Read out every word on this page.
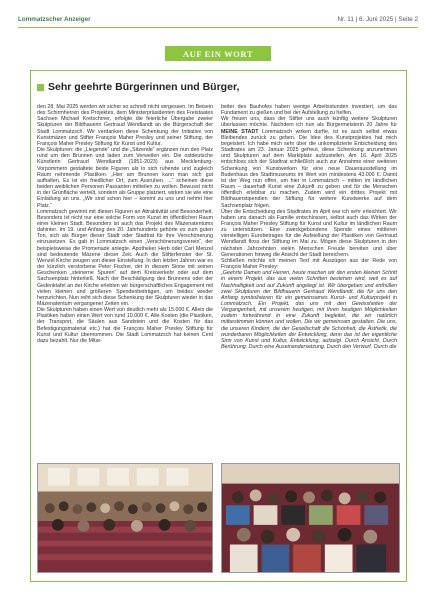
Lommatzscher Anzeiger	Nr. 11 | 6. Juni 2025 | Seite 2
AUF EIN WORT
Sehr geehrte Bürgerinnen und Bürger,

den 28. Mai 2025 werden wir sicher so schnell nicht vergessen. Im Beisein des Schirmherren des Projektes, dem Ministerpräsidenten des Freistaates Sachsen Michael Kretschmer, erfolgte die feierliche Übergabe zweier Skulpturen der Bildhauerin Gertraud Wendlandt an die Bürgerschaft der Stadt Lommatzsch. Wir verdanken diese Schenkung der Initiative von Kunstmäzen und Stifter François Maher Presley und seiner Stiftung, der François Maher Presley Stiftung für Kunst und Kultur.

Die Skulpturen: die „Liegende“ und die „Sitzende“ ergänzen nun den Platz rund um den Brunnen und laden zum Verweilen ein. Die ostdeutsche Künstlerin Gertraud Wendlandt (1951-2023) aus Mecklenburg-Vorpommern gestaltete beide Figuren als in sich ruhende und zugleich Raum nehmende Plastiken. „Hier am Brunnen kann man sich gut aufhalten. Es ist ein friedlicher Ort, zum Ausruhen. ...“ scheinen diese beiden weiblichen Personen Passanten mitteilen zu wollen. Bewusst nicht in der Grünfläche verteilt, sondern als Gruppe platziert, wirken sie wie eine Einladung an uns. „Wir sind schon hier – kommt zu uns und nehmt hier Platz.“

Lommatzsch gewinnt mit diesen Figuren an Attraktivität und Besonderheit. Besonders ist nicht nur eine solche Form von Kunst im öffentlichen Raum einer kleinen Stadt. Besonders ist auch das Projekt des Mäzenatentums dahinter. Im 19. und Anfang des 20. Jahrhunderts gehörte es zum guten Ton, sich als Bürger dieser Stadt oder Stadtrat für ihre Verschönerung einzusetzen. Es gab in Lommatzsch einen „Verschönerungsverein“, der beispielsweise die Promenade anlegte. Apotheker Herb oder Carl Menzel sind bedeutende Mäzene dieser Zeit. Auch die Stifterfenster der St. Wenzel Kirche zeugen von dieser Einstellung. In den letzten Jahren war es der kürzlich verstorbene Peter Fischer, der in diesem Sinne mit seinen Geschenken „steinerne Spuren“ auf dem Kreisverkehr oder auf dem Sachsenplatz hinterließ. Nach der Beschädigung des Brunnens oder der Gedenktafel an der Kirche erlebten wir bürgerschaftliches Engagement mit vielen kleinen und größeren Spendenbeiträgen, um beides wieder herzurichten. Nun reiht sich diese Schenkung der Skulpturen wieder in das Mäzenatentum vergangener Zeiten ein.

Die Skulpturen haben einen Wert von deutlich mehr als 15.000 €. Allein die Plastiken haben einen Wert von rund 10.000 €. Alle Kosten (die Plastiken, der Transport, die Säulen aus Sandstein und die Kosten für das Befestigungsmaterial etc.) hat die François Maher Presley Stiftung für Kunst und Kultur übernommen. Die Stadt Lommatzsch hat keinen Cent dazu bezahlt. Nur die Mitar-

beiter des Bauhofes haben wenige Arbeitsstunden investiert, um das Fundament zu gießen und bei der Aufstellung zu helfen.

Wir freuen uns, dass der Stifter uns auch künftig weitere Skulpturen überlassen möchte. Nachdem ich nun als Bürgermeisterin 20 Jahre für MEINE STADT Lommatzsch wirken durfte, ist es auch selbst etwas Bleibendes zurück zu geben. Die Idee des Kunstprojektes hat mich begeistert. Ich habe mich sehr über die unkomplizierte Entscheidung des Stadtrates am 23. Januar 2025 gefreut, diese Schenkung anzunehmen und Skulpturen auf dem Marktplatz aufzustellen. Am 16. April 2025 entschloss sich der Stadtrat schließlich auch zur Annahme einer weiteren Schenkung von Kunstwerken für eine neue Dauerausstellung im Budenhaus des Stadtmuseums im Wert von mindestens 43.000 €. Damit ist der Weg nun offen, um hier in Lommatzsch – mitten im ländlichen Raum – dauerhaft Kunst eine Zukunft zu geben und für die Menschen öffentlich erlebbar zu machen. Zudem wird ein drittes Projekt mit Bildhauerstipendien der Stiftung für weitere Kunstwerke auf dem Sachsenplatz folgen.

Über die Entscheidung des Stadtrates im April war ich sehr erleichtert. Wir haben uns danach als Familie entschlossen, selbst auch das Wirken der François Maher Presley Stiftung für Kunst und Kultur im ländlichen Raum zu unterstützen. Eine zweckgebundene Spende eines mittleren vierstelligen Eurobetrages für die Aufstellung der Plastiken von Gertraud Wendlandt floss der Stiftung im Mai zu. Mögen diese Skulpturen in den nächsten Jahrzehnten vielen Menschen Freude bereiten und über Generationen hinweg die Ansicht der Stadt bereichern.

Schließen möchte ich meinen Text mit Auszügen aus der Rede von François Maher Presley:

„Geehrte Damen und Herren, heute machen wir den ersten kleinen Schritt in einem Projekt, das aus vielen Schritten bestehen wird, weil es auf Nachhaltigkeit und auf Zukunft angelegt ist. Wir übergeben und enthüllen zwei Skulpturen der Bildhauerin Gertraud Wendlandt, die für uns den Anfang symbolisieren für ein gemeinsames Kunst- und Kulturprojekt in Lommatzsch. Ein Projekt, das uns mit den Gewissheiten der Vergangenheit, mit unserem heutigen, mit Ihren heutigen Möglichkeiten zudem fortwährend in eine Zukunft begleitet, die wir natürlich mitbestimmen können und wollen. Die wir gemeinsam gestalten. Die uns, die unseren Kindern, die der Gesellschaft die Schönheit, die Ästhetik, die wunderbaren Möglichkeiten der Entwicklung, denn das ist der eigentliche Sinn von Kunst und Kultur, Entwicklung, aufzeigt. Durch Ansicht. Durch Berührung. Durch eine Auseinandersetzung. Durch den Verwurf. Durch die
